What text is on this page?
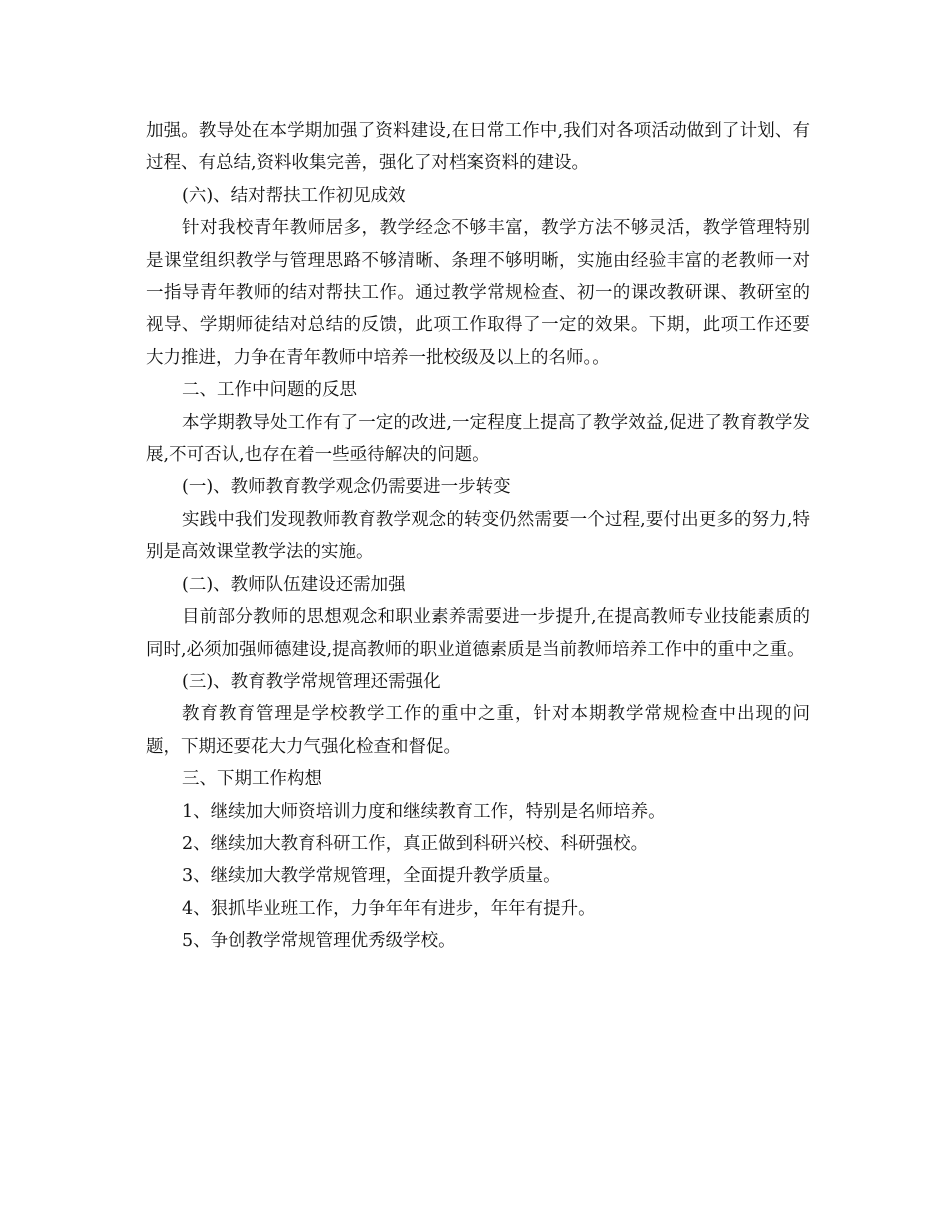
加强。教导处在本学期加强了资料建设,在日常工作中,我们对各项活动做到了计划、有过程、有总结,资料收集完善，强化了对档案资料的建设。

(六)、结对帮扶工作初见成效

针对我校青年教师居多，教学经念不够丰富，教学方法不够灵活，教学管理特别是课堂组织教学与管理思路不够清晰、条理不够明晰，实施由经验丰富的老教师一对一指导青年教师的结对帮扶工作。通过教学常规检查、初一的课改教研课、教研室的视导、学期师徒结对总结的反馈，此项工作取得了一定的效果。下期，此项工作还要大力推进，力争在青年教师中培养一批校级及以上的名师。。

二、工作中问题的反思

本学期教导处工作有了一定的改进,一定程度上提高了教学效益,促进了教育教学发展,不可否认,也存在着一些亟待解决的问题。

(一)、教师教育教学观念仍需要进一步转变

实践中我们发现教师教育教学观念的转变仍然需要一个过程,要付出更多的努力,特别是高效课堂教学法的实施。

(二)、教师队伍建设还需加强

目前部分教师的思想观念和职业素养需要进一步提升,在提高教师专业技能素质的同时,必须加强师德建设,提高教师的职业道德素质是当前教师培养工作中的重中之重。

(三)、教育教学常规管理还需强化

教育教育管理是学校教学工作的重中之重，针对本期教学常规检查中出现的问题，下期还要花大力气强化检查和督促。

三、下期工作构想

1、继续加大师资培训力度和继续教育工作，特别是名师培养。

2、继续加大教育科研工作，真正做到科研兴校、科研强校。

3、继续加大教学常规管理，全面提升教学质量。

4、狠抓毕业班工作，力争年年有进步，年年有提升。

5、争创教学常规管理优秀级学校。
